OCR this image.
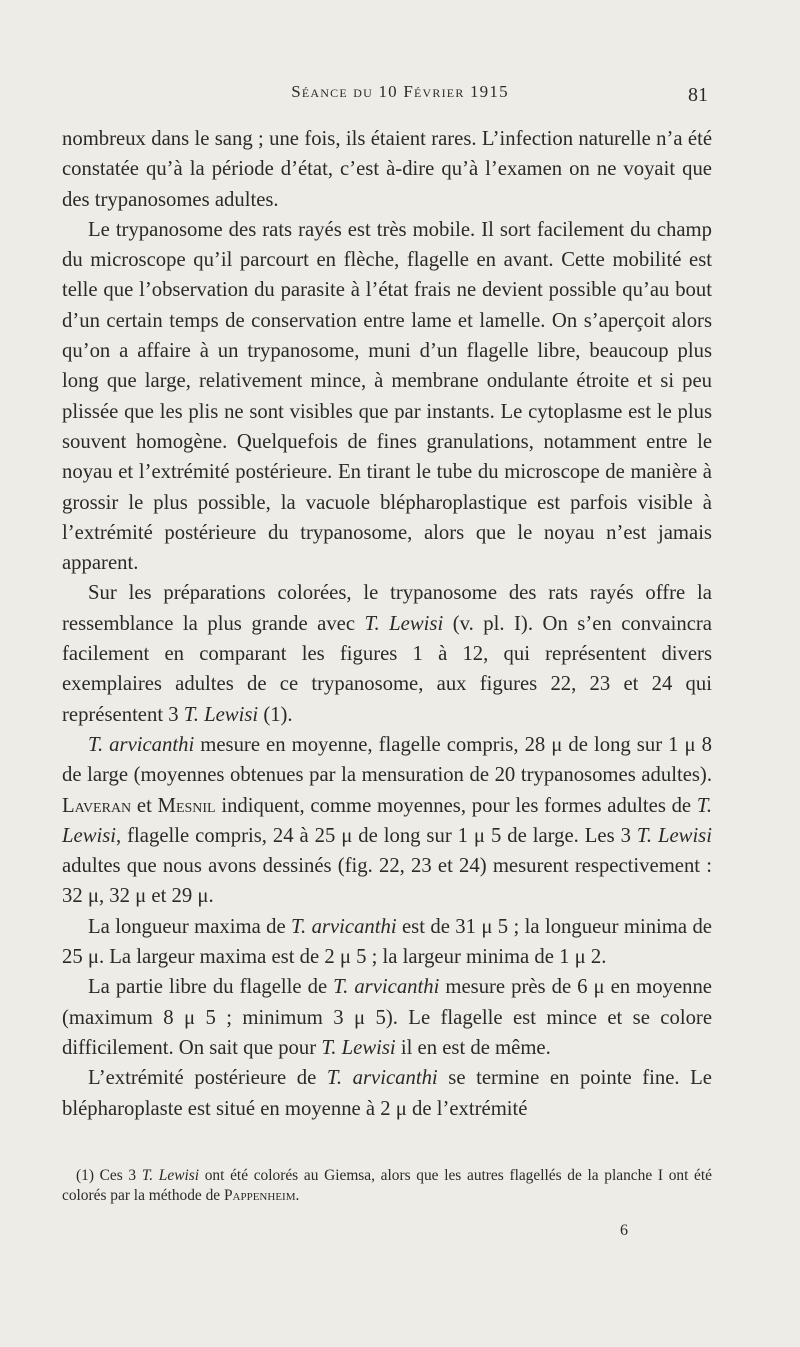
Séance du 10 Février 1915	81

nombreux dans le sang ; une fois, ils étaient rares. L’infection naturelle n’a été constatée qu’à la période d’état, c’est à-dire qu’à l’examen on ne voyait que des trypanosomes adultes.

Le trypanosome des rats rayés est très mobile. Il sort facilement du champ du microscope qu’il parcourt en flèche, flagelle en avant. Cette mobilité est telle que l’observation du parasite à l’état frais ne devient possible qu’au bout d’un certain temps de conservation entre lame et lamelle. On s’aperçoit alors qu’on a affaire à un trypanosome, muni d’un flagelle libre, beaucoup plus long que large, relativement mince, à membrane ondulante étroite et si peu plissée que les plis ne sont visibles que par instants. Le cytoplasme est le plus souvent homogène. Quelquefois de fines granulations, notamment entre le noyau et l’extrémité postérieure. En tirant le tube du microscope de manière à grossir le plus possible, la vacuole blépharoplastique est parfois visible à l’extrémité postérieure du trypanosome, alors que le noyau n’est jamais apparent.

Sur les préparations colorées, le trypanosome des rats rayés offre la ressemblance la plus grande avec T. Lewisi (v. pl. I). On s’en convaincra facilement en comparant les figures 1 à 12, qui représentent divers exemplaires adultes de ce trypanosome, aux figures 22, 23 et 24 qui représentent 3 T. Lewisi (1).

T. arvicanthi mesure en moyenne, flagelle compris, 28 μ de long sur 1 μ 8 de large (moyennes obtenues par la mensuration de 20 trypanosomes adultes). Laveran et Mesnil indiquent, comme moyennes, pour les formes adultes de T. Lewisi, flagelle compris, 24 à 25 μ de long sur 1 μ 5 de large. Les 3 T. Lewisi adultes que nous avons dessinés (fig. 22, 23 et 24) mesurent respectivement : 32 μ, 32 μ et 29 μ.

La longueur maxima de T. arvicanthi est de 31 μ 5 ; la longueur minima de 25 μ. La largeur maxima est de 2 μ 5 ; la largeur minima de 1 μ 2.

La partie libre du flagelle de T. arvicanthi mesure près de 6 μ en moyenne (maximum 8 μ 5 ; minimum 3 μ 5). Le flagelle est mince et se colore difficilement. On sait que pour T. Lewisi il en est de même.

L’extrémité postérieure de T. arvicanthi se termine en pointe fine. Le blépharoplaste est situé en moyenne à 2 μ de l’extrémité

(1) Ces 3 T. Lewisi ont été colorés au Giemsa, alors que les autres flagellés de la planche I ont été colorés par la méthode de Pappenheim.

6
